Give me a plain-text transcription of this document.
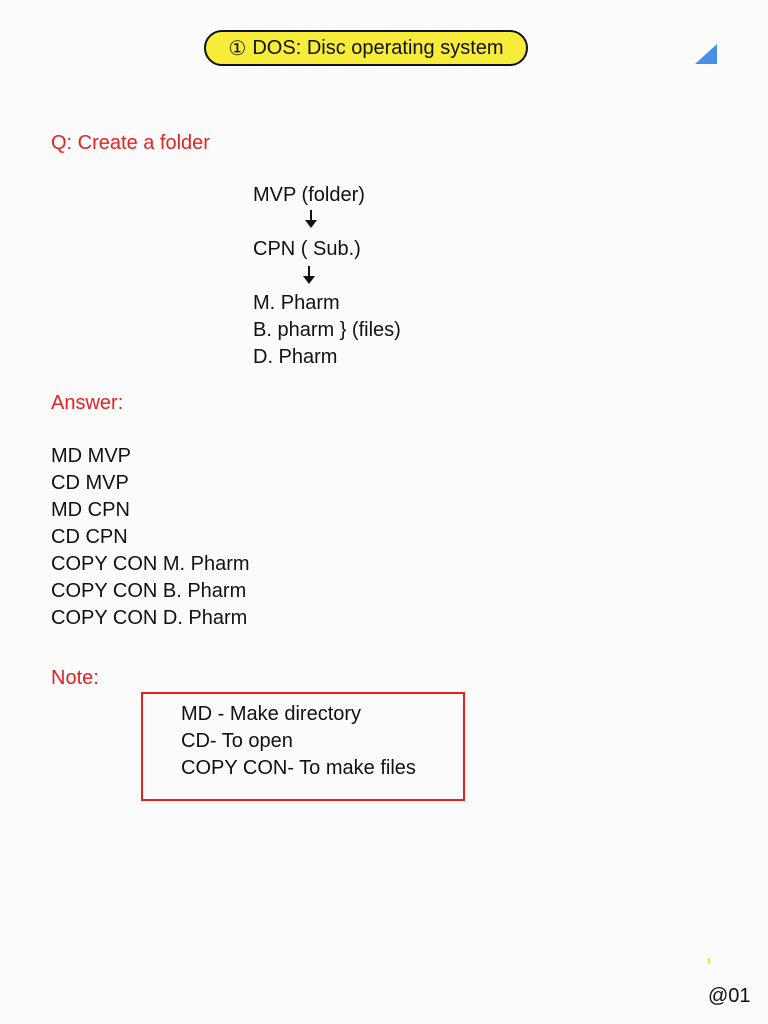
① DOS: Disc operating system
Q: Create a folder
MVP (folder)
CPN ( Sub.)
M. Pharm
B. pharm } (files)
D. Pharm
Answer:
MD MVP
CD MVP
MD CPN
CD CPN
COPY CON M. Pharm
COPY CON B. Pharm
COPY CON D. Pharm
Note:
MD - Make directory
CD- To open
COPY CON- To make files
@01
